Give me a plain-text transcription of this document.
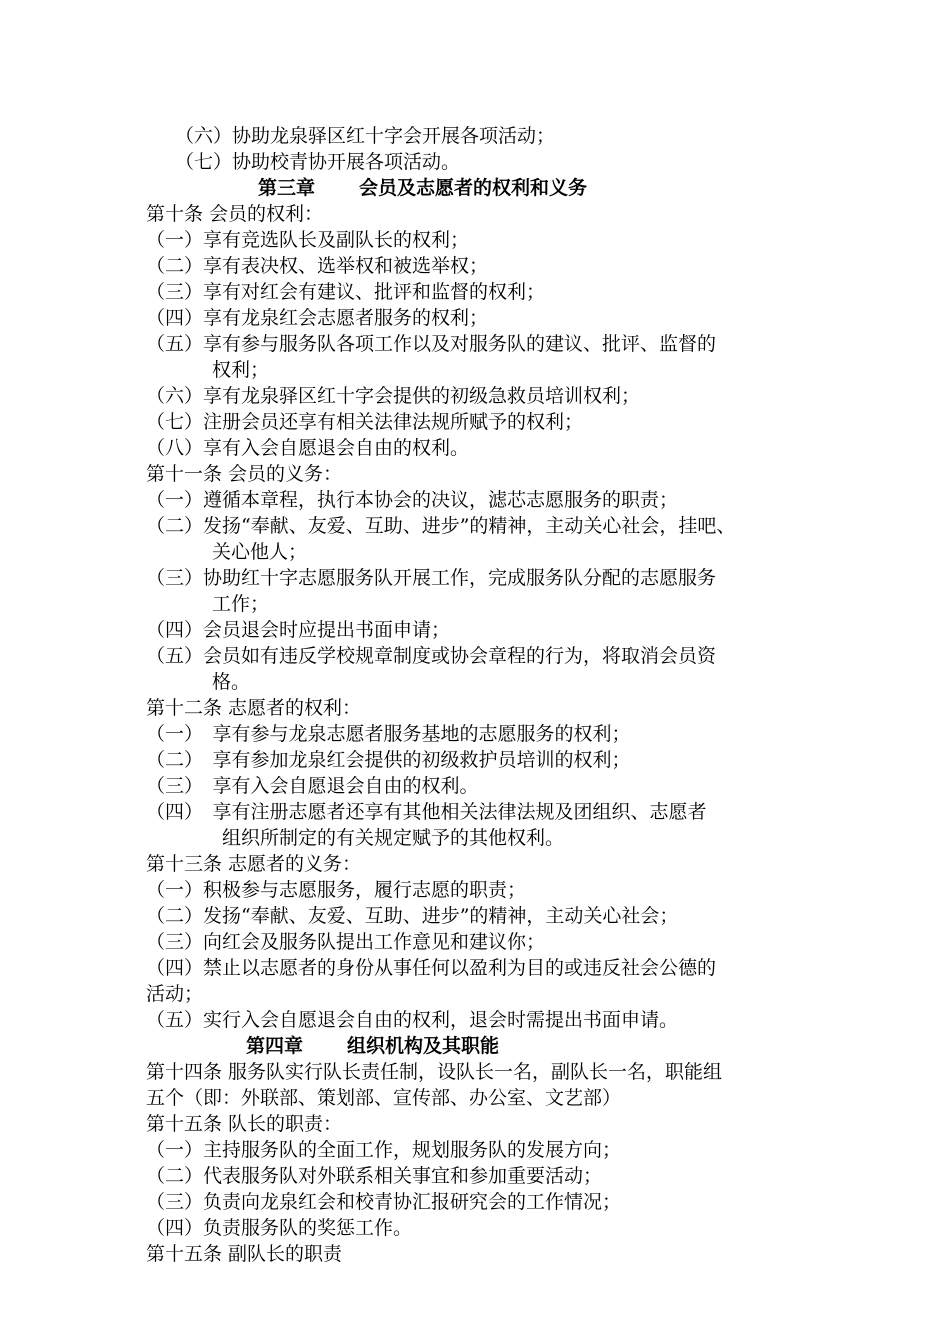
（六）协助龙泉驿区红十字会开展各项活动；
（七）协助校青协开展各项活动。
第三章 会员及志愿者的权利和义务
第十条 会员的权利：
（一）享有竞选队长及副队长的权利；
（二）享有表决权、选举权和被选举权；
（三）享有对红会有建议、批评和监督的权利；
（四）享有龙泉红会志愿者服务的权利；
（五）享有参与服务队各项工作以及对服务队的建议、批评、监督的
权利；
（六）享有龙泉驿区红十字会提供的初级急救员培训权利；
（七）注册会员还享有相关法律法规所赋予的权利；
（八）享有入会自愿退会自由的权利。
第十一条 会员的义务：
（一）遵循本章程，执行本协会的决议，滤芯志愿服务的职责；
（二）发扬“奉献、友爱、互助、进步”的精神，主动关心社会，挂吧、
关心他人；
（三）协助红十字志愿服务队开展工作，完成服务队分配的志愿服务
工作；
（四）会员退会时应提出书面申请；
（五）会员如有违反学校规章制度或协会章程的行为，将取消会员资
格。
第十二条 志愿者的权利：
（一）　享有参与龙泉志愿者服务基地的志愿服务的权利；
（二）　享有参加龙泉红会提供的初级救护员培训的权利；
（三）　享有入会自愿退会自由的权利。
（四）　享有注册志愿者还享有其他相关法律法规及团组织、志愿者
组织所制定的有关规定赋予的其他权利。
第十三条 志愿者的义务：
（一）积极参与志愿服务，履行志愿的职责；
（二）发扬“奉献、友爱、互助、进步”的精神，主动关心社会；
（三）向红会及服务队提出工作意见和建议你；
（四）禁止以志愿者的身份从事任何以盈利为目的或违反社会公德的
活动；
（五）实行入会自愿退会自由的权利，退会时需提出书面申请。
第四章 组织机构及其职能
第十四条 服务队实行队长责任制，设队长一名，副队长一名，职能组
五个（即：外联部、策划部、宣传部、办公室、文艺部）
第十五条 队长的职责：
（一）主持服务队的全面工作，规划服务队的发展方向；
（二）代表服务队对外联系相关事宜和参加重要活动；
（三）负责向龙泉红会和校青协汇报研究会的工作情况；
（四）负责服务队的奖惩工作。
第十五条 副队长的职责
